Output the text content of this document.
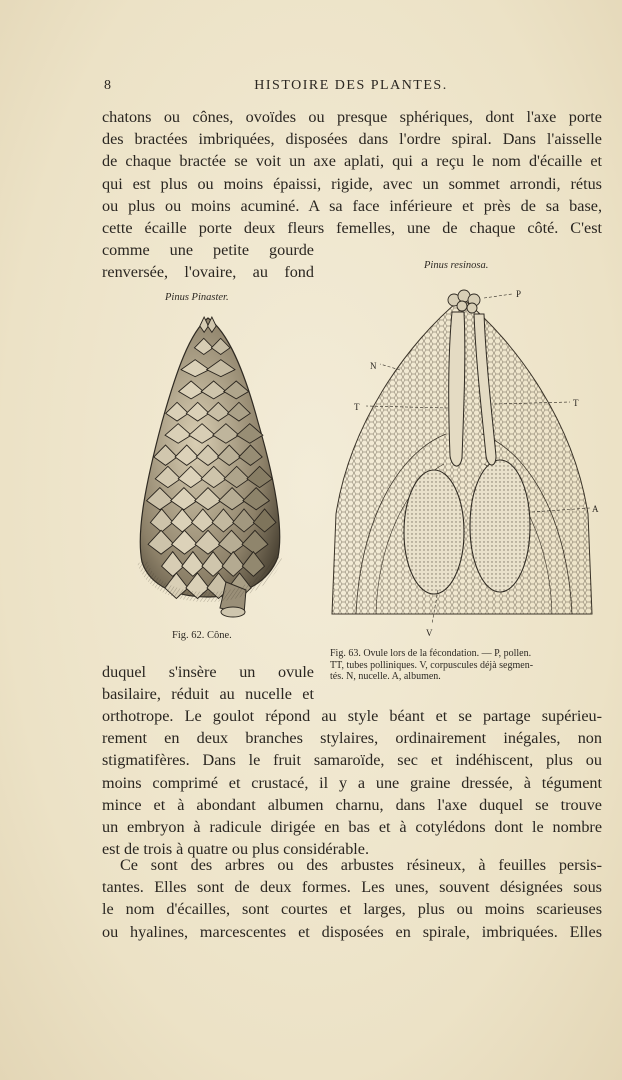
8	HISTOIRE DES PLANTES.

chatons ou cônes, ovoïdes ou presque sphériques, dont l'axe porte
des bractées imbriquées, disposées dans l'ordre spiral. Dans l'aisselle
de chaque bractée se voit un axe aplati, qui a reçu le nom d'écaille et
qui est plus ou moins épaissi, rigide, avec un sommet arrondi, rétus
ou plus ou moins acuminé. A sa face inférieure et près de sa base,
cette écaille porte deux fleurs femelles, une de chaque côté. C'est

comme une petite gourde
renversée, l'ovaire, au fond	Pinus resinosa.
Pinus Pinaster.	P
N
T	T
A
V
Fig. 62. Cône.
Fig. 63. Ovule lors de la fécondation. — P, pollen.
TT, tubes polliniques. V, corpuscules déjà segmen-
tés. N, nucelle. A, albumen.

duquel s'insère un ovule
basilaire, réduit au nucelle et

orthotrope. Le goulot répond au style béant et se partage supérieu-
rement en deux branches stylaires, ordinairement inégales, non
stigmatifères. Dans le fruit samaroïde, sec et indéhiscent, plus ou
moins comprimé et crustacé, il y a une graine dressée, à tégument
mince et à abondant albumen charnu, dans l'axe duquel se trouve
un embryon à radicule dirigée en bas et à cotylédons dont le nombre
est de trois à quatre ou plus considérable.

Ce sont des arbres ou des arbustes résineux, à feuilles persis-
tantes. Elles sont de deux formes. Les unes, souvent désignées sous
le nom d'écailles, sont courtes et larges, plus ou moins scarieuses
ou hyalines, marcescentes et disposées en spirale, imbriquées. Elles
